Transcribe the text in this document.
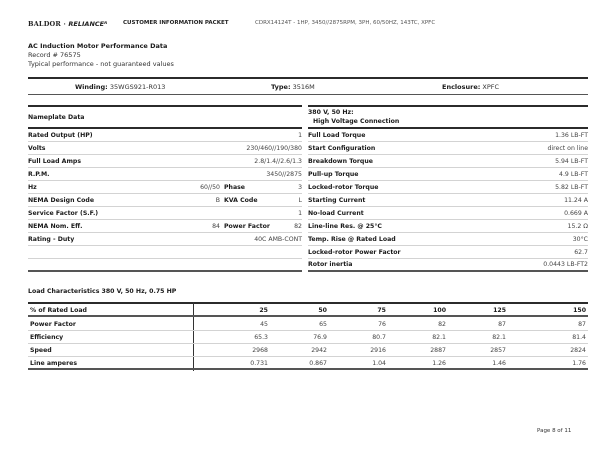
BALDOR · RELIANCEᴿ	CUSTOMER INFORMATION PACKET	CDRX14124T - 1HP, 3450//2875RPM, 3PH, 60/50HZ, 143TC, XPFC
AC Induction Motor Performance Data
Record # 76575
Typical performance - not guaranteed values
Winding: 35WGS921-R013	Type: 3516M	Enclosure: XPFC
Nameplate Data
Rated Output (HP)	1
Volts	230/460//190/380
Full Load Amps	2.8/1.4//2.6/1.3
R.P.M.	3450//2875
Hz	60//50 Phase	3
NEMA Design Code	B KVA Code	L
Service Factor (S.F.)	1
NEMA Nom. Eff.	84 Power Factor	82
Rating - Duty	40C AMB-CONT
380 V, 50 Hz:
High Voltage Connection
Full Load Torque	1.36 LB-FT
Start Configuration	direct on line
Breakdown Torque	5.94 LB-FT
Pull-up Torque	4.9 LB-FT
Locked-rotor Torque	5.82 LB-FT
Starting Current	11.24 A
No-load Current	0.669 A
Line-line Res. @ 25°C	15.2 Ω
Temp. Rise @ Rated Load	30°C
Locked-rotor Power Factor	62.7
Rotor inertia	0.0443 LB-FT2
Load Characteristics 380 V, 50 Hz, 0.75 HP
% of Rated Load	25	50	75	100	125	150
Power Factor	45	65	76	82	87	87
Efficiency	65.3	76.9	80.7	82.1	82.1	81.4
Speed	2968	2942	2916	2887	2857	2824
Line amperes	0.731	0.867	1.04	1.26	1.46	1.76
Page 8 of 11
